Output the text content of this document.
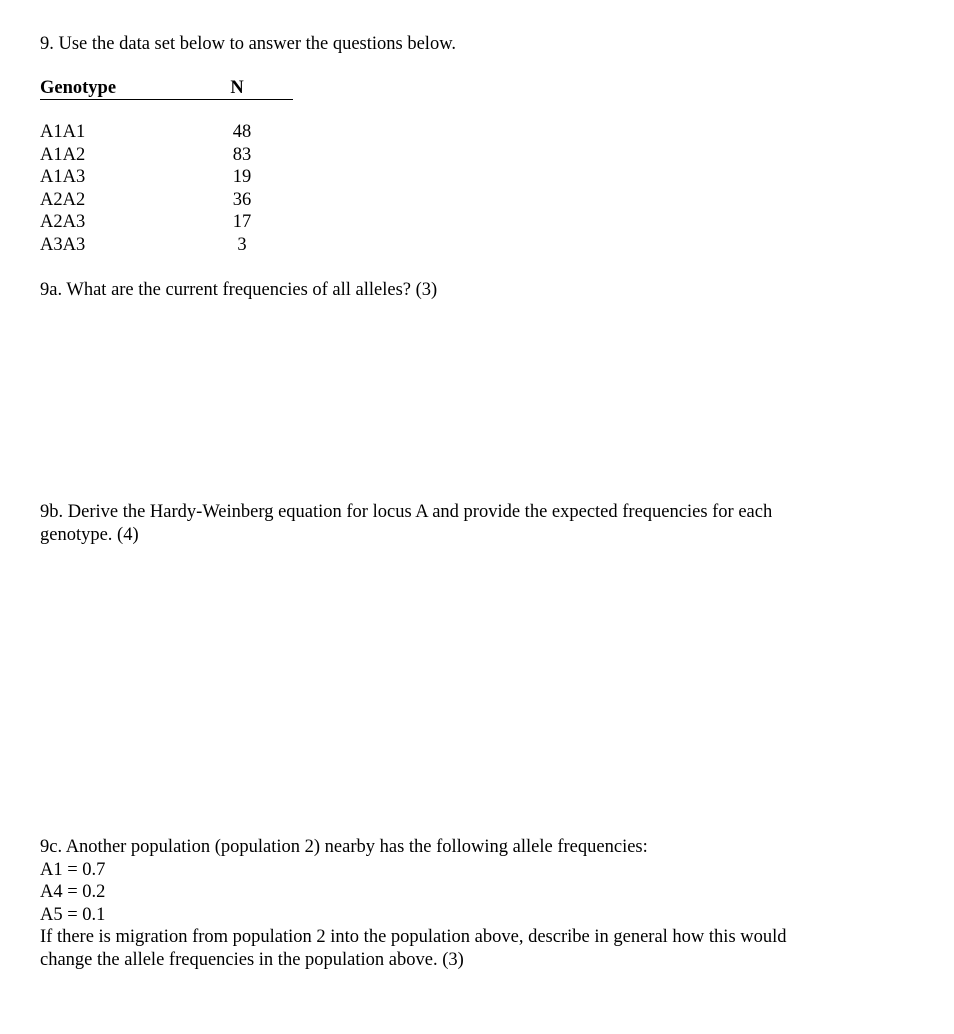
9. Use the data set below to answer the questions below.
Genotype	N
A1A1	48
A1A2	83
A1A3	19
A2A2	36
A2A3	17
A3A3	3
9a. What are the current frequencies of all alleles? (3)
9b. Derive the Hardy-Weinberg equation for locus A and provide the expected frequencies for each
genotype. (4)
9c. Another population (population 2) nearby has the following allele frequencies:
A1 = 0.7
A4 = 0.2
A5 = 0.1
If there is migration from population 2 into the population above, describe in general how this would
change the allele frequencies in the population above. (3)
